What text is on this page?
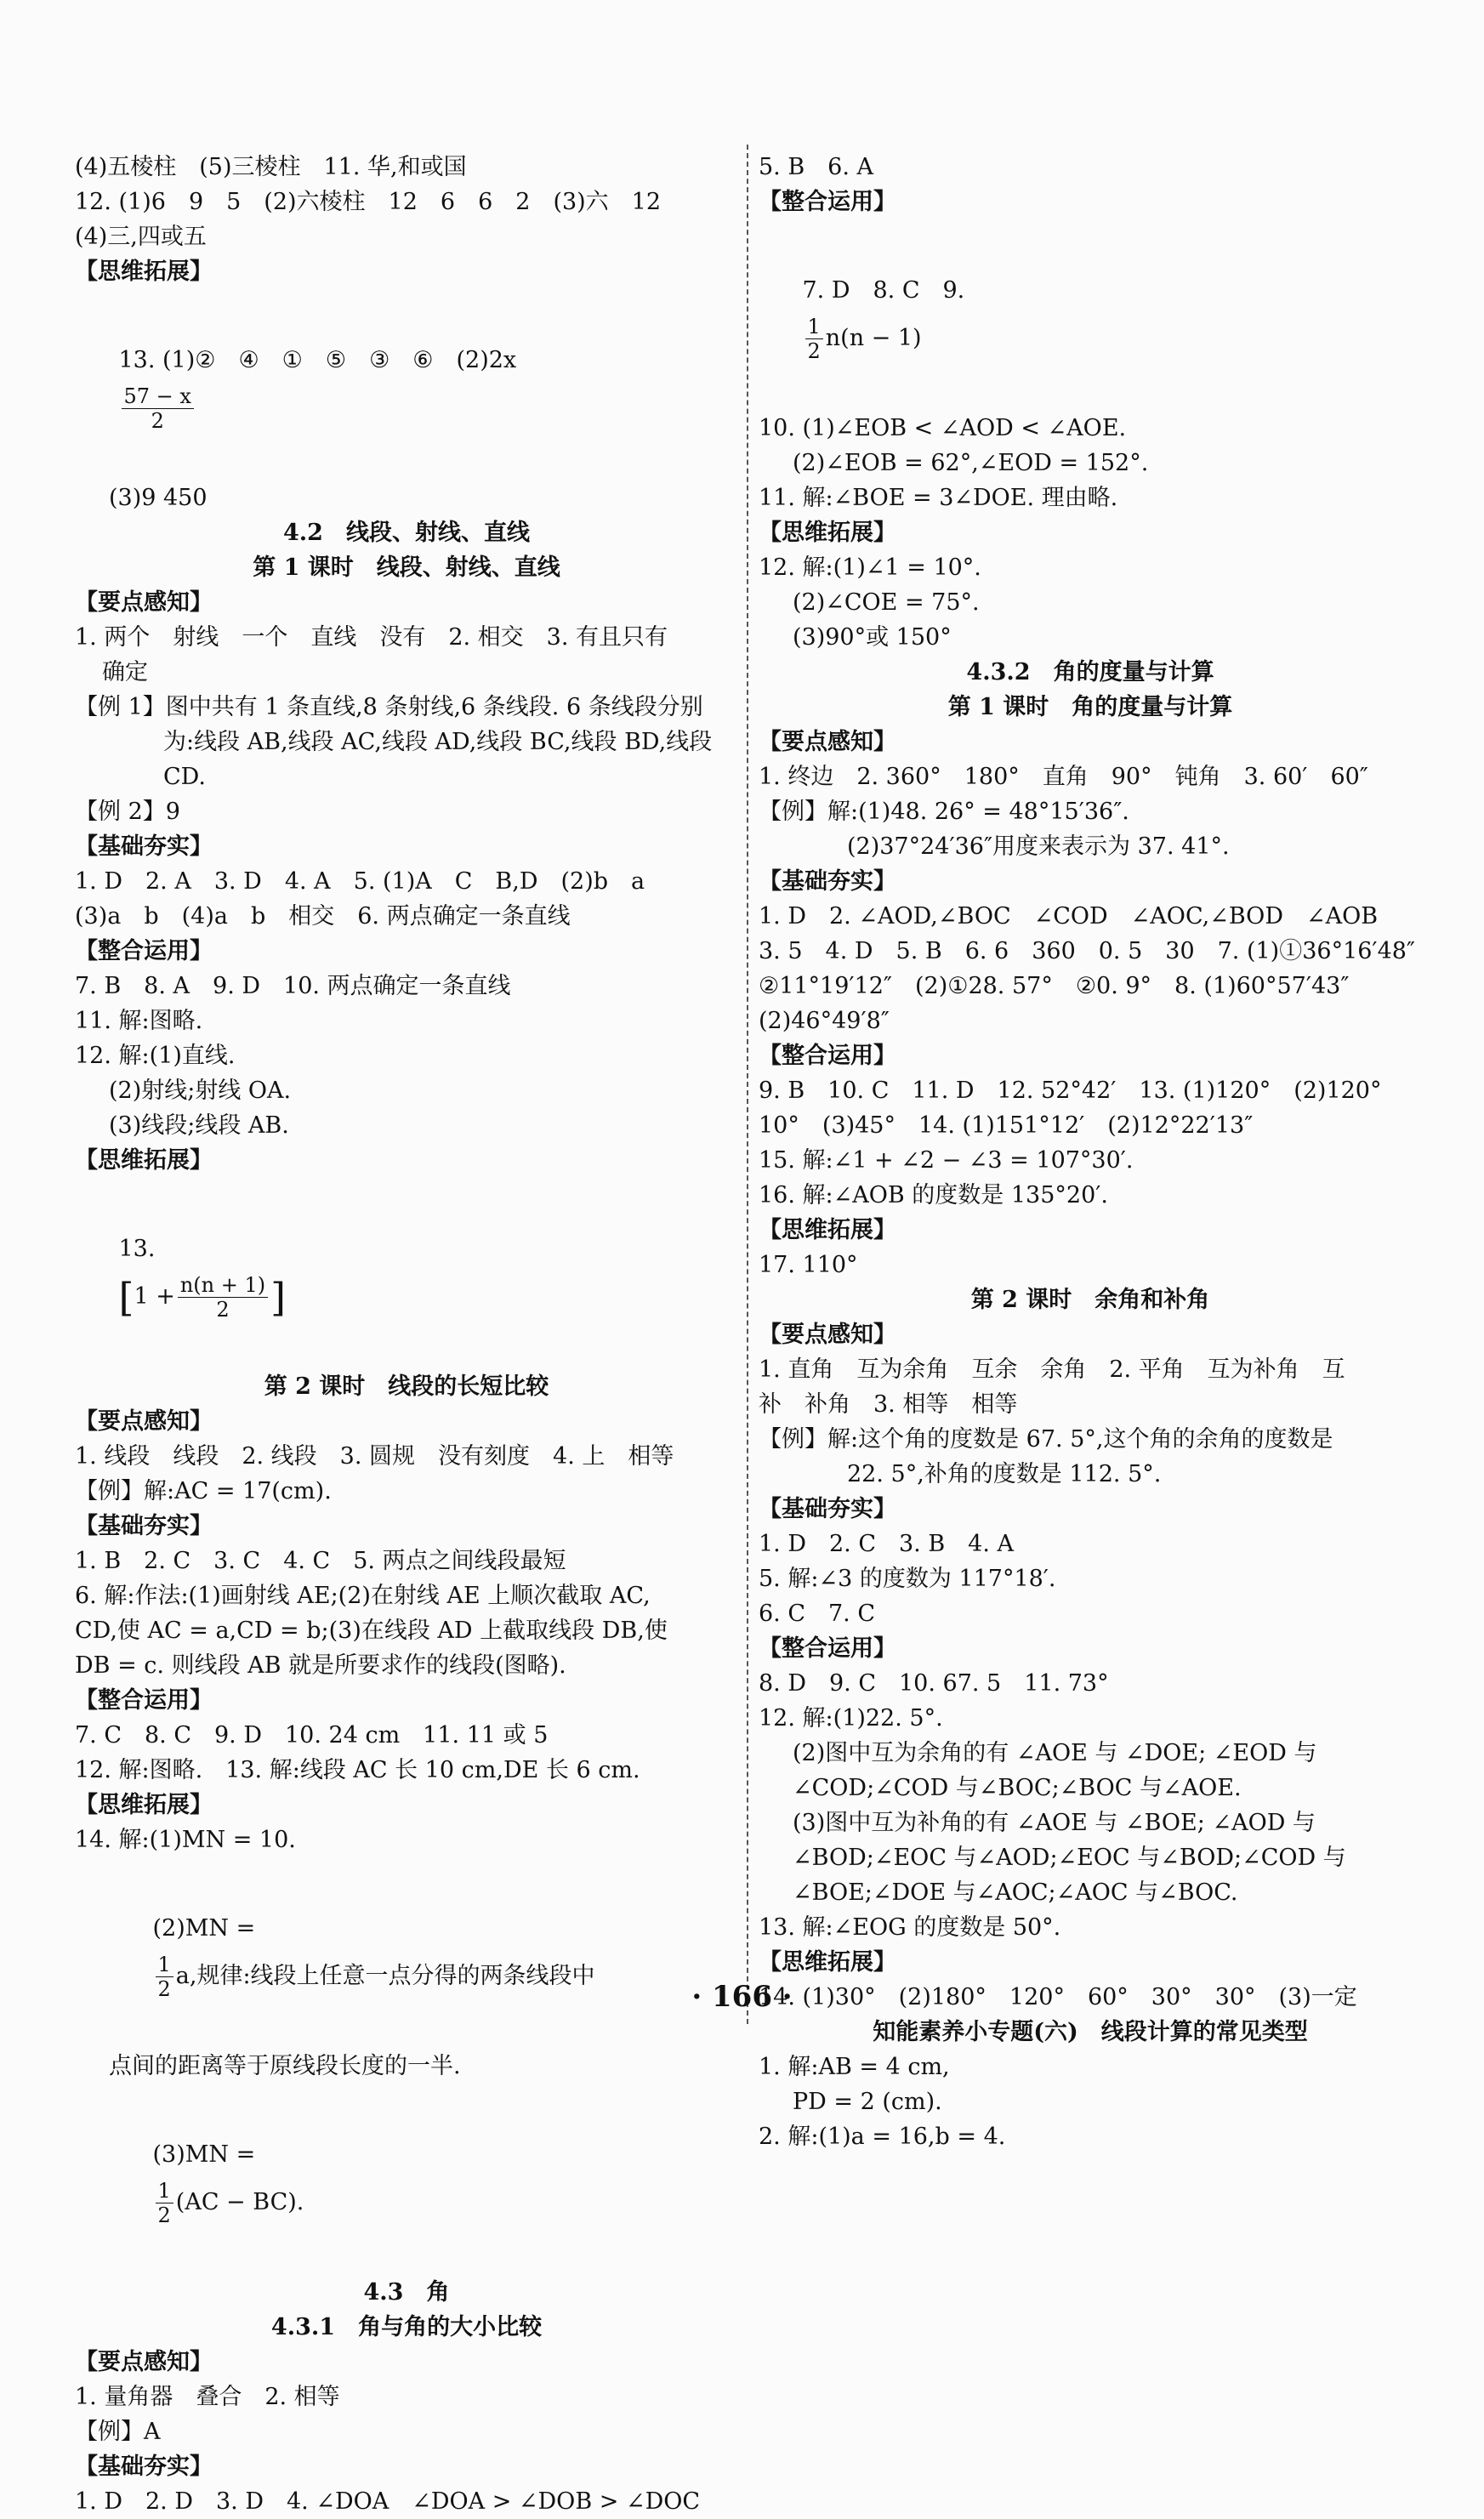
(4)五棱柱　(5)三棱柱　11. 华,和或国
12. (1)6　9　5　(2)六棱柱　12　6　6　2　(3)六　12
(4)三,四或五
【思维拓展】

13. (1)②　④　①　⑤　③　⑥　(2)2x

$\frac{57 - x}{2}$

(3)9 450
4.2　线段、射线、直线
第 1 课时　线段、射线、直线
【要点感知】
1. 两个　射线　一个　直线　没有　2. 相交　3. 有且只有
确定
【例 1】图中共有 1 条直线,8 条射线,6 条线段. 6 条线段分别
为:线段 AB,线段 AC,线段 AD,线段 BC,线段 BD,线段
CD.
【例 2】9
【基础夯实】
1. D　2. A　3. D　4. A　5. (1)A　C　B,D　(2)b　a
(3)a　b　(4)a　b　相交　6. 两点确定一条直线
【整合运用】
7. B　8. A　9. D　10. 两点确定一条直线
11. 解:图略.
12. 解:(1)直线.
(2)射线;射线 OA.
(3)线段;线段 AB.
【思维拓展】

13.
[$1 + \frac{n(n + 1)}{2}$ ]

第 2 课时　线段的长短比较
【要点感知】
1. 线段　线段　2. 线段　3. 圆规　没有刻度　4. 上　相等
【例】解:AC = 17(cm).
【基础夯实】
1. B　2. C　3. C　4. C　5. 两点之间线段最短
6. 解:作法:(1)画射线 AE;(2)在射线 AE 上顺次截取 AC,
CD,使 AC = a,CD = b;(3)在线段 AD 上截取线段 DB,使
DB = c. 则线段 AB 就是所要求作的线段(图略).
【整合运用】
7. C　8. C　9. D　10. 24 cm　11. 11 或 5
12. 解:图略.　13. 解:线段 AC 长 10 cm,DE 长 6 cm.
【思维拓展】
14. 解:(1)MN = 10.

(2)MN =

$\frac{1}{2} a$,规律:线段上任意一点分得的两条线段中

点间的距离等于原线段长度的一半.

(3)MN =

$\frac{1}{2} (AC - BC)$.

4.3　角
4.3.1　角与角的大小比较
【要点感知】
1. 量角器　叠合　2. 相等
【例】A
【基础夯实】
1. D　2. D　3. D　4. ∠DOA　∠DOA > ∠DOB > ∠DOC
5. B　6. A
【整合运用】

7. D　8. C　9.

$\frac{1}{2} n(n - 1)$

10. (1)∠EOB < ∠AOD < ∠AOE.
(2)∠EOB = 62°,∠EOD = 152°.
11. 解:∠BOE = 3∠DOE. 理由略.
【思维拓展】
12. 解:(1)∠1 = 10°.
(2)∠COE = 75°.
(3)90°或 150°
4.3.2　角的度量与计算
第 1 课时　角的度量与计算
【要点感知】
1. 终边　2. 360°　180°　直角　90°　钝角　3. 60′　60″
【例】解:(1)48. 26° = 48°15′36″.
(2)37°24′36″用度来表示为 37. 41°.
【基础夯实】
1. D　2. ∠AOD,∠BOC　∠COD　∠AOC,∠BOD　∠AOB
3. 5　4. D　5. B　6. 6　360　0. 5　30　7. (1)①36°16′48″
②11°19′12″　(2)①28. 57°　②0. 9°　8. (1)60°57′43″
(2)46°49′8″
【整合运用】
9. B　10. C　11. D　12. 52°42′　13. (1)120°　(2)120°
10°　(3)45°　14. (1)151°12′　(2)12°22′13″
15. 解:∠1 + ∠2 − ∠3 = 107°30′.
16. 解:∠AOB 的度数是 135°20′.
【思维拓展】
17. 110°
第 2 课时　余角和补角
【要点感知】
1. 直角　互为余角　互余　余角　2. 平角　互为补角　互
补　补角　3. 相等　相等
【例】解:这个角的度数是 67. 5°,这个角的余角的度数是
22. 5°,补角的度数是 112. 5°.
【基础夯实】
1. D　2. C　3. B　4. A
5. 解:∠3 的度数为 117°18′.
6. C　7. C
【整合运用】
8. D　9. C　10. 67. 5　11. 73°
12. 解:(1)22. 5°.
(2)图中互为余角的有 ∠AOE 与 ∠DOE; ∠EOD 与
∠COD;∠COD 与∠BOC;∠BOC 与∠AOE.
(3)图中互为补角的有 ∠AOE 与 ∠BOE; ∠AOD 与
∠BOD;∠EOC 与∠AOD;∠EOC 与∠BOD;∠COD 与
∠BOE;∠DOE 与∠AOC;∠AOC 与∠BOC.
13. 解:∠EOG 的度数是 50°.
【思维拓展】
14. (1)30°　(2)180°　120°　60°　30°　30°　(3)一定
知能素养小专题(六)　线段计算的常见类型
1. 解:AB = 4 cm,
PD = 2 (cm).
2. 解:(1)a = 16,b = 4.
· 166 ·
